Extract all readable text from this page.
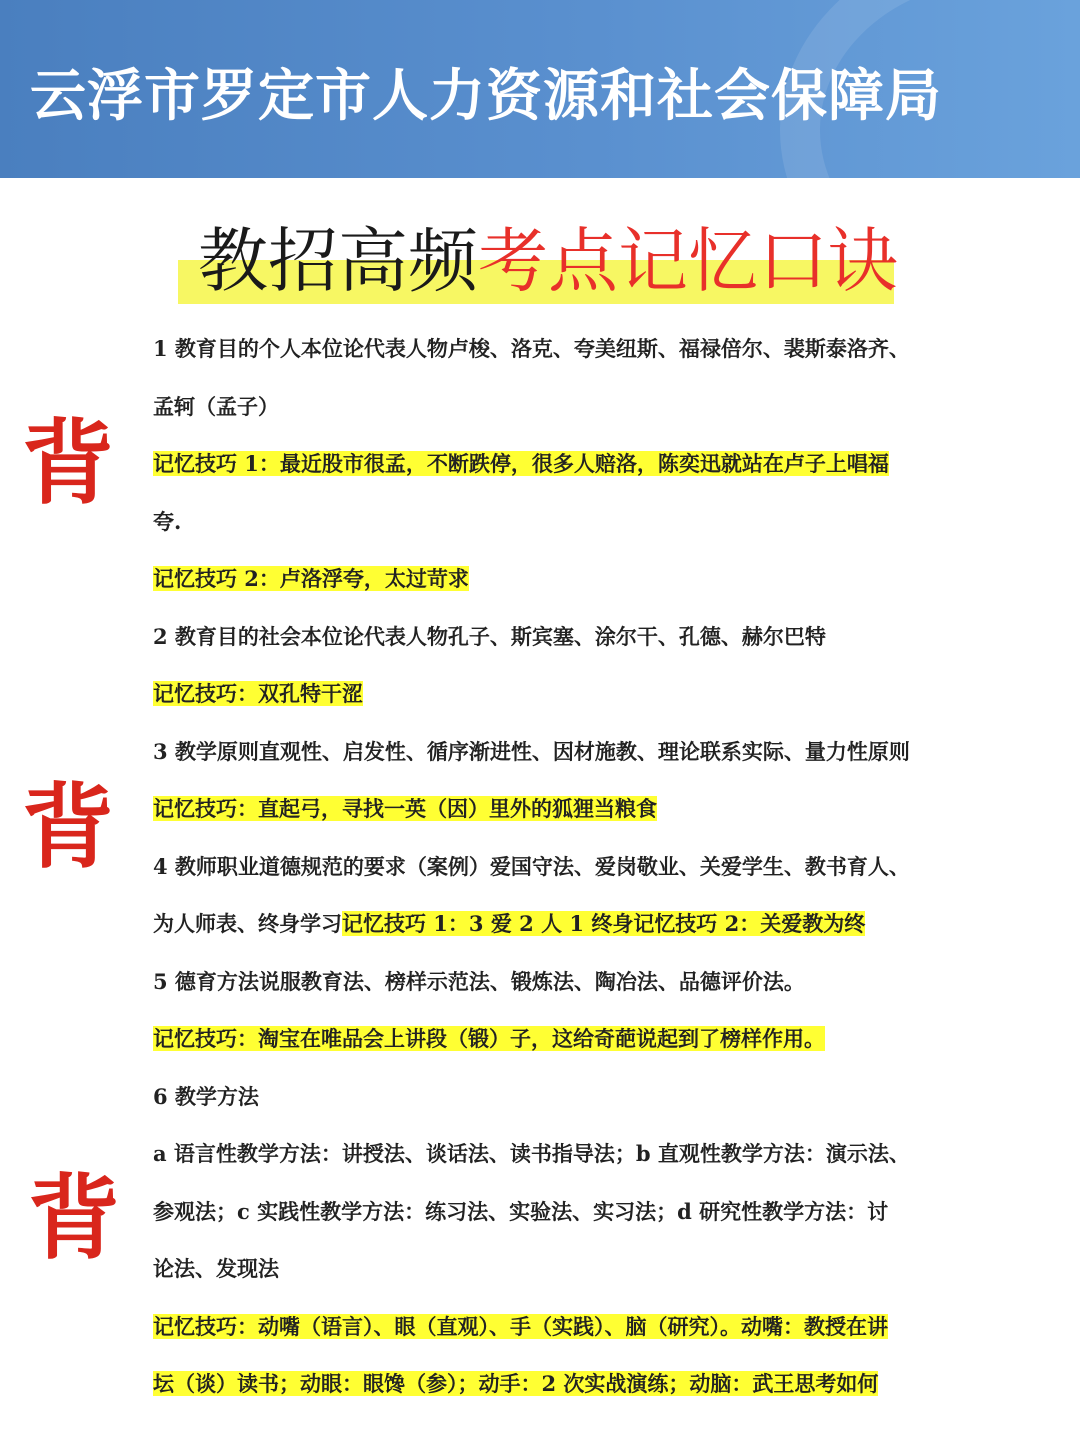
云浮市罗定市人力资源和社会保障局
教招高频考点记忆口诀
背
背
背
1 教育目的个人本位论代表人物卢梭、洛克、夸美纽斯、福禄倍尔、裴斯泰洛齐、
孟轲（孟子）
记忆技巧 1：最近股市很孟，不断跌停，很多人赔洛，陈奕迅就站在卢子上唱福
夸.
记忆技巧 2：卢洛浮夸，太过苛求
2 教育目的社会本位论代表人物孔子、斯宾塞、涂尔干、孔德、赫尔巴特
记忆技巧：双孔特干涩
3 教学原则直观性、启发性、循序渐进性、因材施教、理论联系实际、量力性原则
记忆技巧：直起弓，寻找一英（因）里外的狐狸当粮食
4 教师职业道德规范的要求（案例）爱国守法、爱岗敬业、关爱学生、教书育人、
为人师表、终身学习记忆技巧 1：3 爱 2 人 1 终身记忆技巧 2：关爱教为终
5 德育方法说服教育法、榜样示范法、锻炼法、陶冶法、品德评价法。
记忆技巧：淘宝在唯品会上讲段（锻）子，这给奇葩说起到了榜样作用。
6 教学方法
a 语言性教学方法：讲授法、谈话法、读书指导法；b 直观性教学方法：演示法、
参观法；c 实践性教学方法：练习法、实验法、实习法；d 研究性教学方法：讨
论法、发现法
记忆技巧：动嘴（语言）、眼（直观）、手（实践）、脑（研究）。动嘴：教授在讲
坛（谈）读书；动眼：眼馋（参）；动手：2 次实战演练；动脑：武王思考如何
